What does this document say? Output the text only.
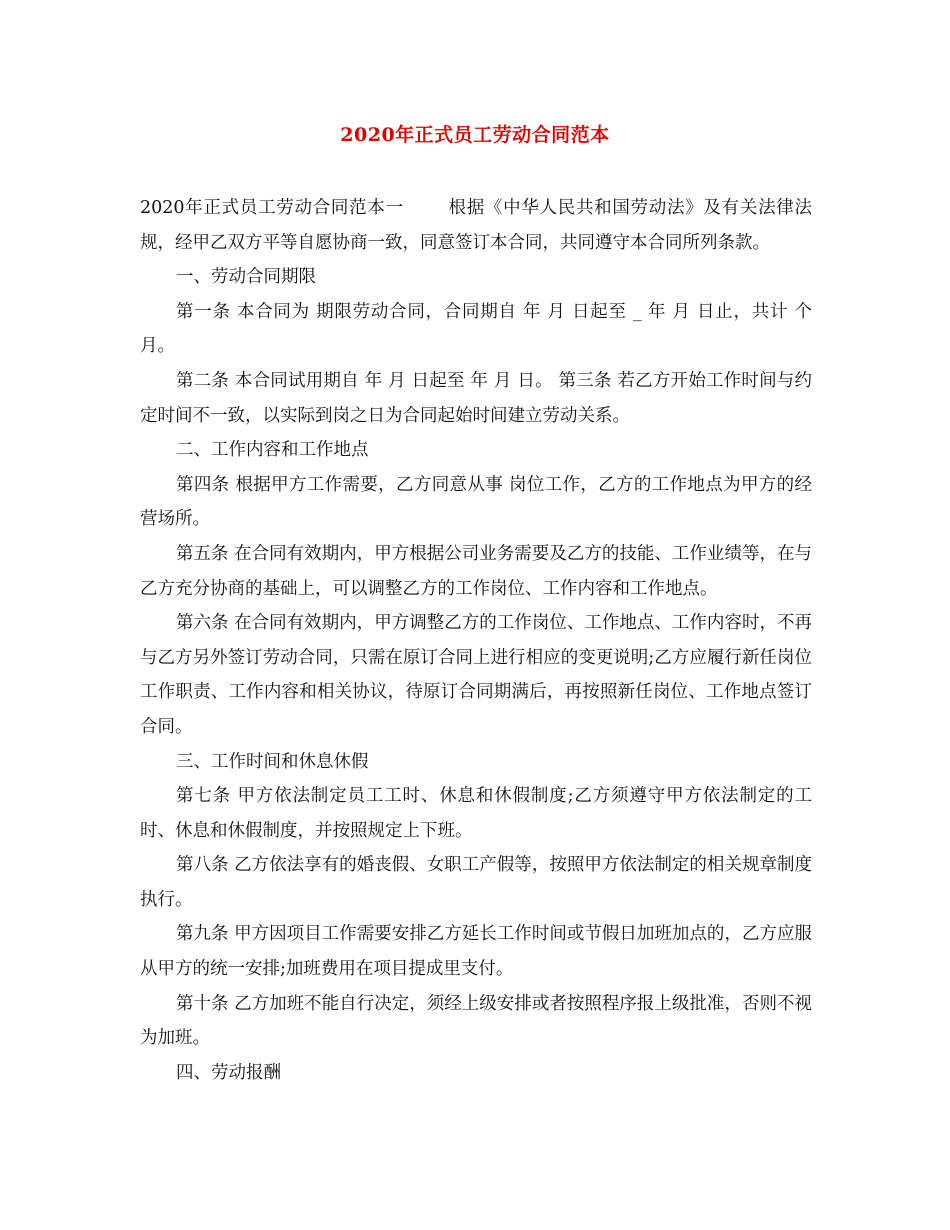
2020年正式员工劳动合同范本

2020年正式员工劳动合同范本一	根据《中华人民共和国劳动法》及有关法律法规，经甲乙双方平等自愿协商一致，同意签订本合同，共同遵守本合同所列条款。

一、劳动合同期限

第一条 本合同为 期限劳动合同，合同期自 年 月 日起至 _ 年 月 日止，共计 个月。

第二条 本合同试用期自 年 月 日起至 年 月 日。 第三条 若乙方开始工作时间与约定时间不一致，以实际到岗之日为合同起始时间建立劳动关系。

二、工作内容和工作地点

第四条 根据甲方工作需要，乙方同意从事 岗位工作，乙方的工作地点为甲方的经营场所。

第五条 在合同有效期内，甲方根据公司业务需要及乙方的技能、工作业绩等，在与乙方充分协商的基础上，可以调整乙方的工作岗位、工作内容和工作地点。

第六条 在合同有效期内，甲方调整乙方的工作岗位、工作地点、工作内容时，不再与乙方另外签订劳动合同，只需在原订合同上进行相应的变更说明;乙方应履行新任岗位工作职责、工作内容和相关协议，待原订合同期满后，再按照新任岗位、工作地点签订合同。

三、工作时间和休息休假

第七条 甲方依法制定员工工时、休息和休假制度;乙方须遵守甲方依法制定的工时、休息和休假制度，并按照规定上下班。

第八条 乙方依法享有的婚丧假、女职工产假等，按照甲方依法制定的相关规章制度执行。

第九条 甲方因项目工作需要安排乙方延长工作时间或节假日加班加点的，乙方应服从甲方的统一安排;加班费用在项目提成里支付。

第十条 乙方加班不能自行决定，须经上级安排或者按照程序报上级批准，否则不视为加班。

四、劳动报酬
